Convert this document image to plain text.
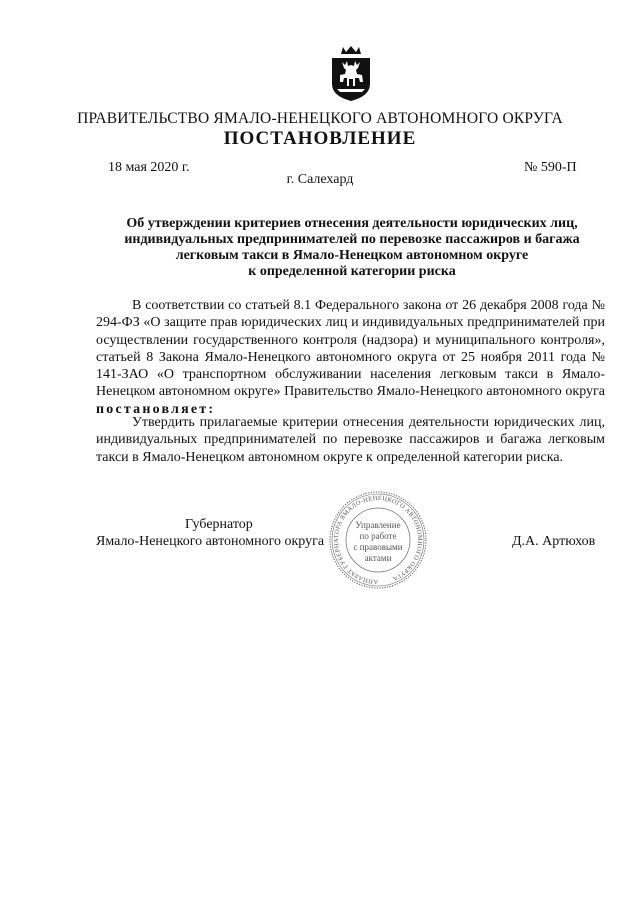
ПРАВИТЕЛЬСТВО ЯМАЛО-НЕНЕЦКОГО АВТОНОМНОГО ОКРУГА
ПОСТАНОВЛЕНИЕ
18 мая 2020 г.	№ 590-П
г. Салехард
Об утверждении критериев отнесения деятельности юридических лиц,
индивидуальных предпринимателей по перевозке пассажиров и багажа
легковым такси в Ямало-Ненецком автономном округе
к определенной категории риска
В соответствии со статьей 8.1 Федерального закона от 26 декабря 2008 года № 294-ФЗ «О защите прав юридических лиц и индивидуальных предпринимателей при осуществлении государственного контроля (надзора) и муниципального контроля», статьей 8 Закона Ямало-Ненецкого автономного округа от 25 ноября 2011 года № 141-ЗАО «О транспортном обслуживании населения легковым такси в Ямало-Ненецком автономном округе» Правительство Ямало-Ненецкого автономного округа постановляет:
Утвердить прилагаемые критерии отнесения деятельности юридических лиц, индивидуальных предпринимателей по перевозке пассажиров и багажа легковым такси в Ямало-Ненецком автономном округе к определенной категории риска.
Губернатор
Ямало-Ненецкого автономного округа	Д.А. Артюхов
АППАРАТ ГУБЕРНАТОРА ЯМАЛО-НЕНЕЦКОГО АВТОНОМНОГО ОКРУГА
Управление
по работе
с правовыми
актами
